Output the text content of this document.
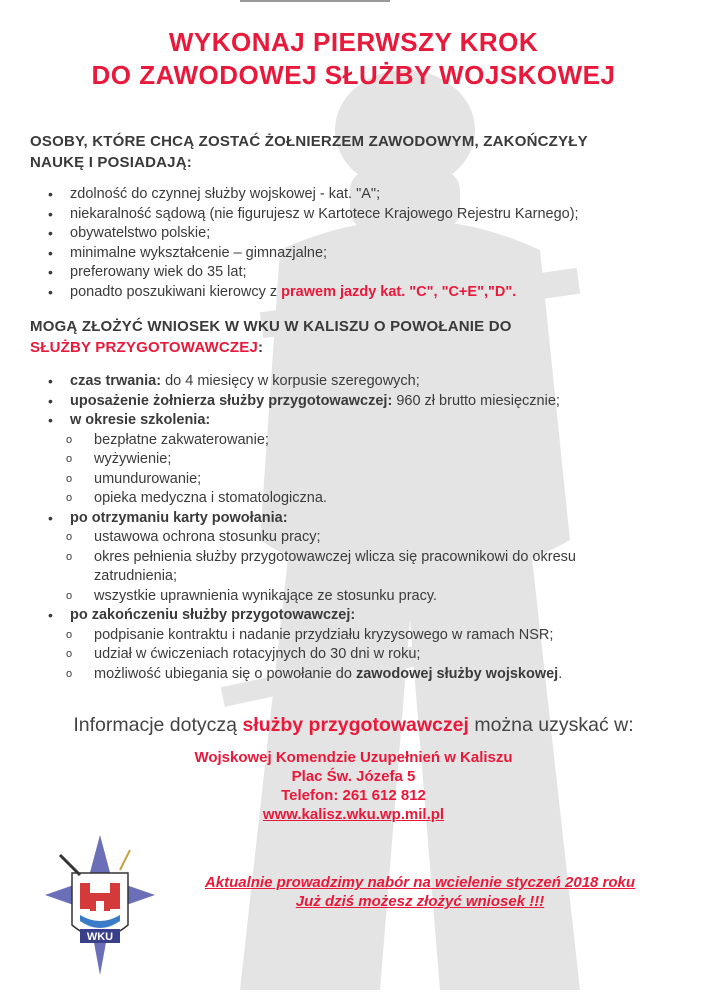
WYKONAJ PIERWSZY KROK
DO ZAWODOWEJ SŁUŻBY WOJSKOWEJ
OSOBY, KTÓRE CHCĄ ZOSTAĆ ŻOŁNIERZEM ZAWODOWYM, ZAKOŃCZYŁY
NAUKĘ I POSIADAJĄ:
• zdolność do czynnej służby wojskowej - kat. "A";
• niekaralność sądową (nie figurujesz w Kartotece Krajowego Rejestru Karnego);
• obywatelstwo polskie;
• minimalne wykształcenie – gimnazjalne;
• preferowany wiek do 35 lat;
• ponadto poszukiwani kierowcy z prawem jazdy kat. "C", "C+E","D".
MOGĄ ZŁOŻYĆ WNIOSEK W WKU W KALISZU O POWOŁANIE DO
SŁUŻBY PRZYGOTOWAWCZEJ:
• czas trwania: do 4 miesięcy w korpusie szeregowych;
• uposażenie żołnierza służby przygotowawczej: 960 zł brutto miesięcznie;
• w okresie szkolenia:
o bezpłatne zakwaterowanie;
o wyżywienie;
o umundurowanie;
o opieka medyczna i stomatologiczna.
• po otrzymaniu karty powołania:
o ustawowa ochrona stosunku pracy;
o okres pełnienia służby przygotowawczej wlicza się pracownikowi do okresu
zatrudnienia;
o wszystkie uprawnienia wynikające ze stosunku pracy.
• po zakończeniu służby przygotowawczej:
o podpisanie kontraktu i nadanie przydziału kryzysowego w ramach NSR;
o udział w ćwiczeniach rotacyjnych do 30 dni w roku;
o możliwość ubiegania się o powołanie do zawodowej służby wojskowej.
Informacje dotyczą służby przygotowawczej można uzyskać w:
Wojskowej Komendzie Uzupełnień w Kaliszu
Plac Św. Józefa 5
Telefon: 261 612 812
www.kalisz.wku.wp.mil.pl
Aktualnie prowadzimy nabór na wcielenie styczeń 2018 roku
Już dziś możesz złożyć wniosek !!!
WKU
